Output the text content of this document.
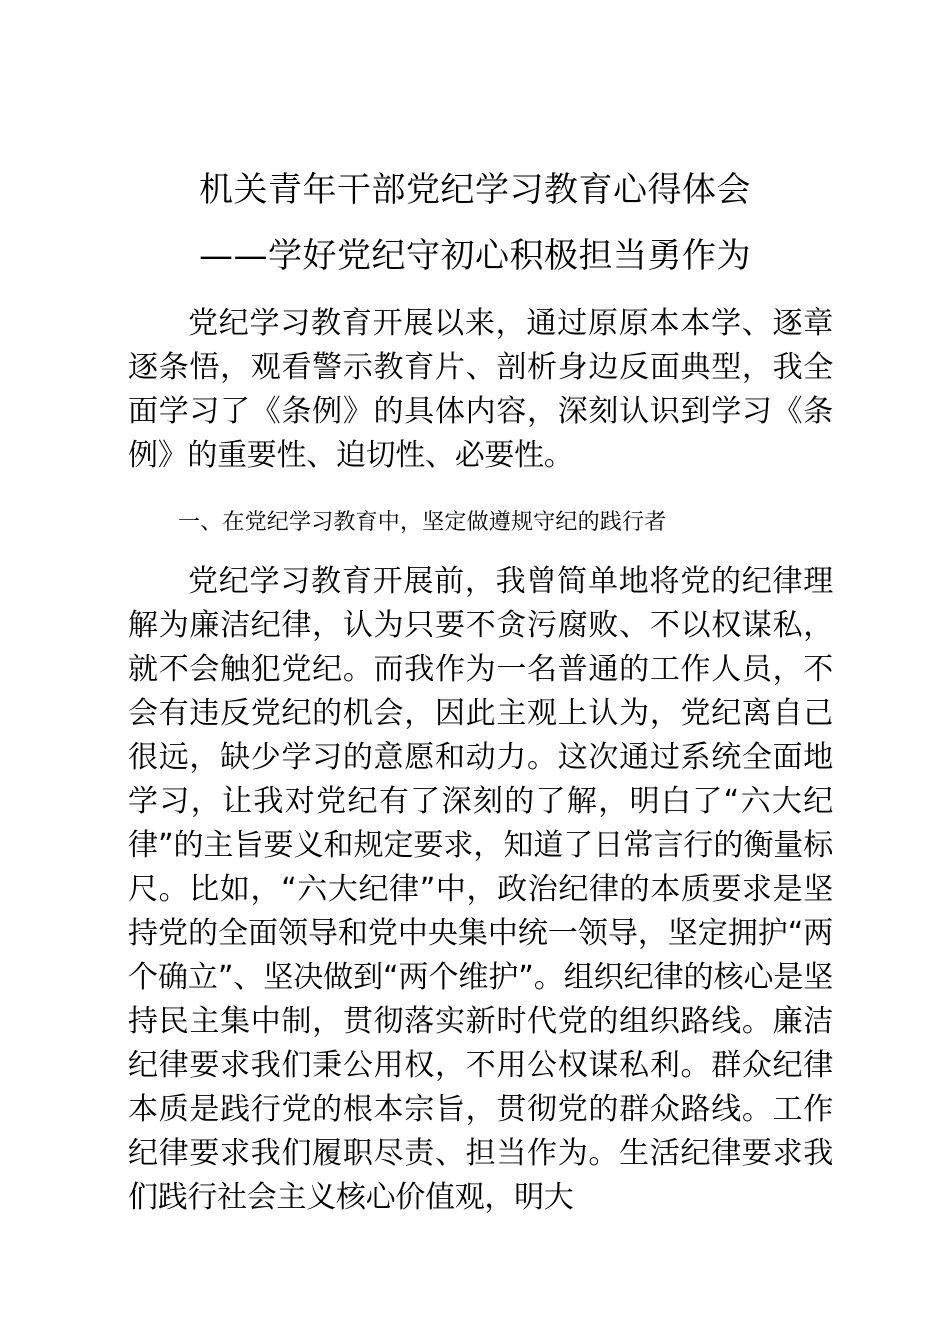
机关青年干部党纪学习教育心得体会
——学好党纪守初心积极担当勇作为

党纪学习教育开展以来，通过原原本本学、逐章逐条悟，观看警示教育片、剖析身边反面典型，我全面学习了《条例》的具体内容，深刻认识到学习《条例》的重要性、迫切性、必要性。

一、在党纪学习教育中，坚定做遵规守纪的践行者

党纪学习教育开展前，我曾简单地将党的纪律理解为廉洁纪律，认为只要不贪污腐败、不以权谋私，就不会触犯党纪。而我作为一名普通的工作人员，不会有违反党纪的机会，因此主观上认为，党纪离自己很远，缺少学习的意愿和动力。这次通过系统全面地学习，让我对党纪有了深刻的了解，明白了“六大纪律”的主旨要义和规定要求，知道了日常言行的衡量标尺。比如，“六大纪律”中，政治纪律的本质要求是坚持党的全面领导和党中央集中统一领导，坚定拥护“两个确立”、坚决做到“两个维护”。组织纪律的核心是坚持民主集中制，贯彻落实新时代党的组织路线。廉洁纪律要求我们秉公用权，不用公权谋私利。群众纪律本质是践行党的根本宗旨，贯彻党的群众路线。工作纪律要求我们履职尽责、担当作为。生活纪律要求我们践行社会主义核心价值观，明大
